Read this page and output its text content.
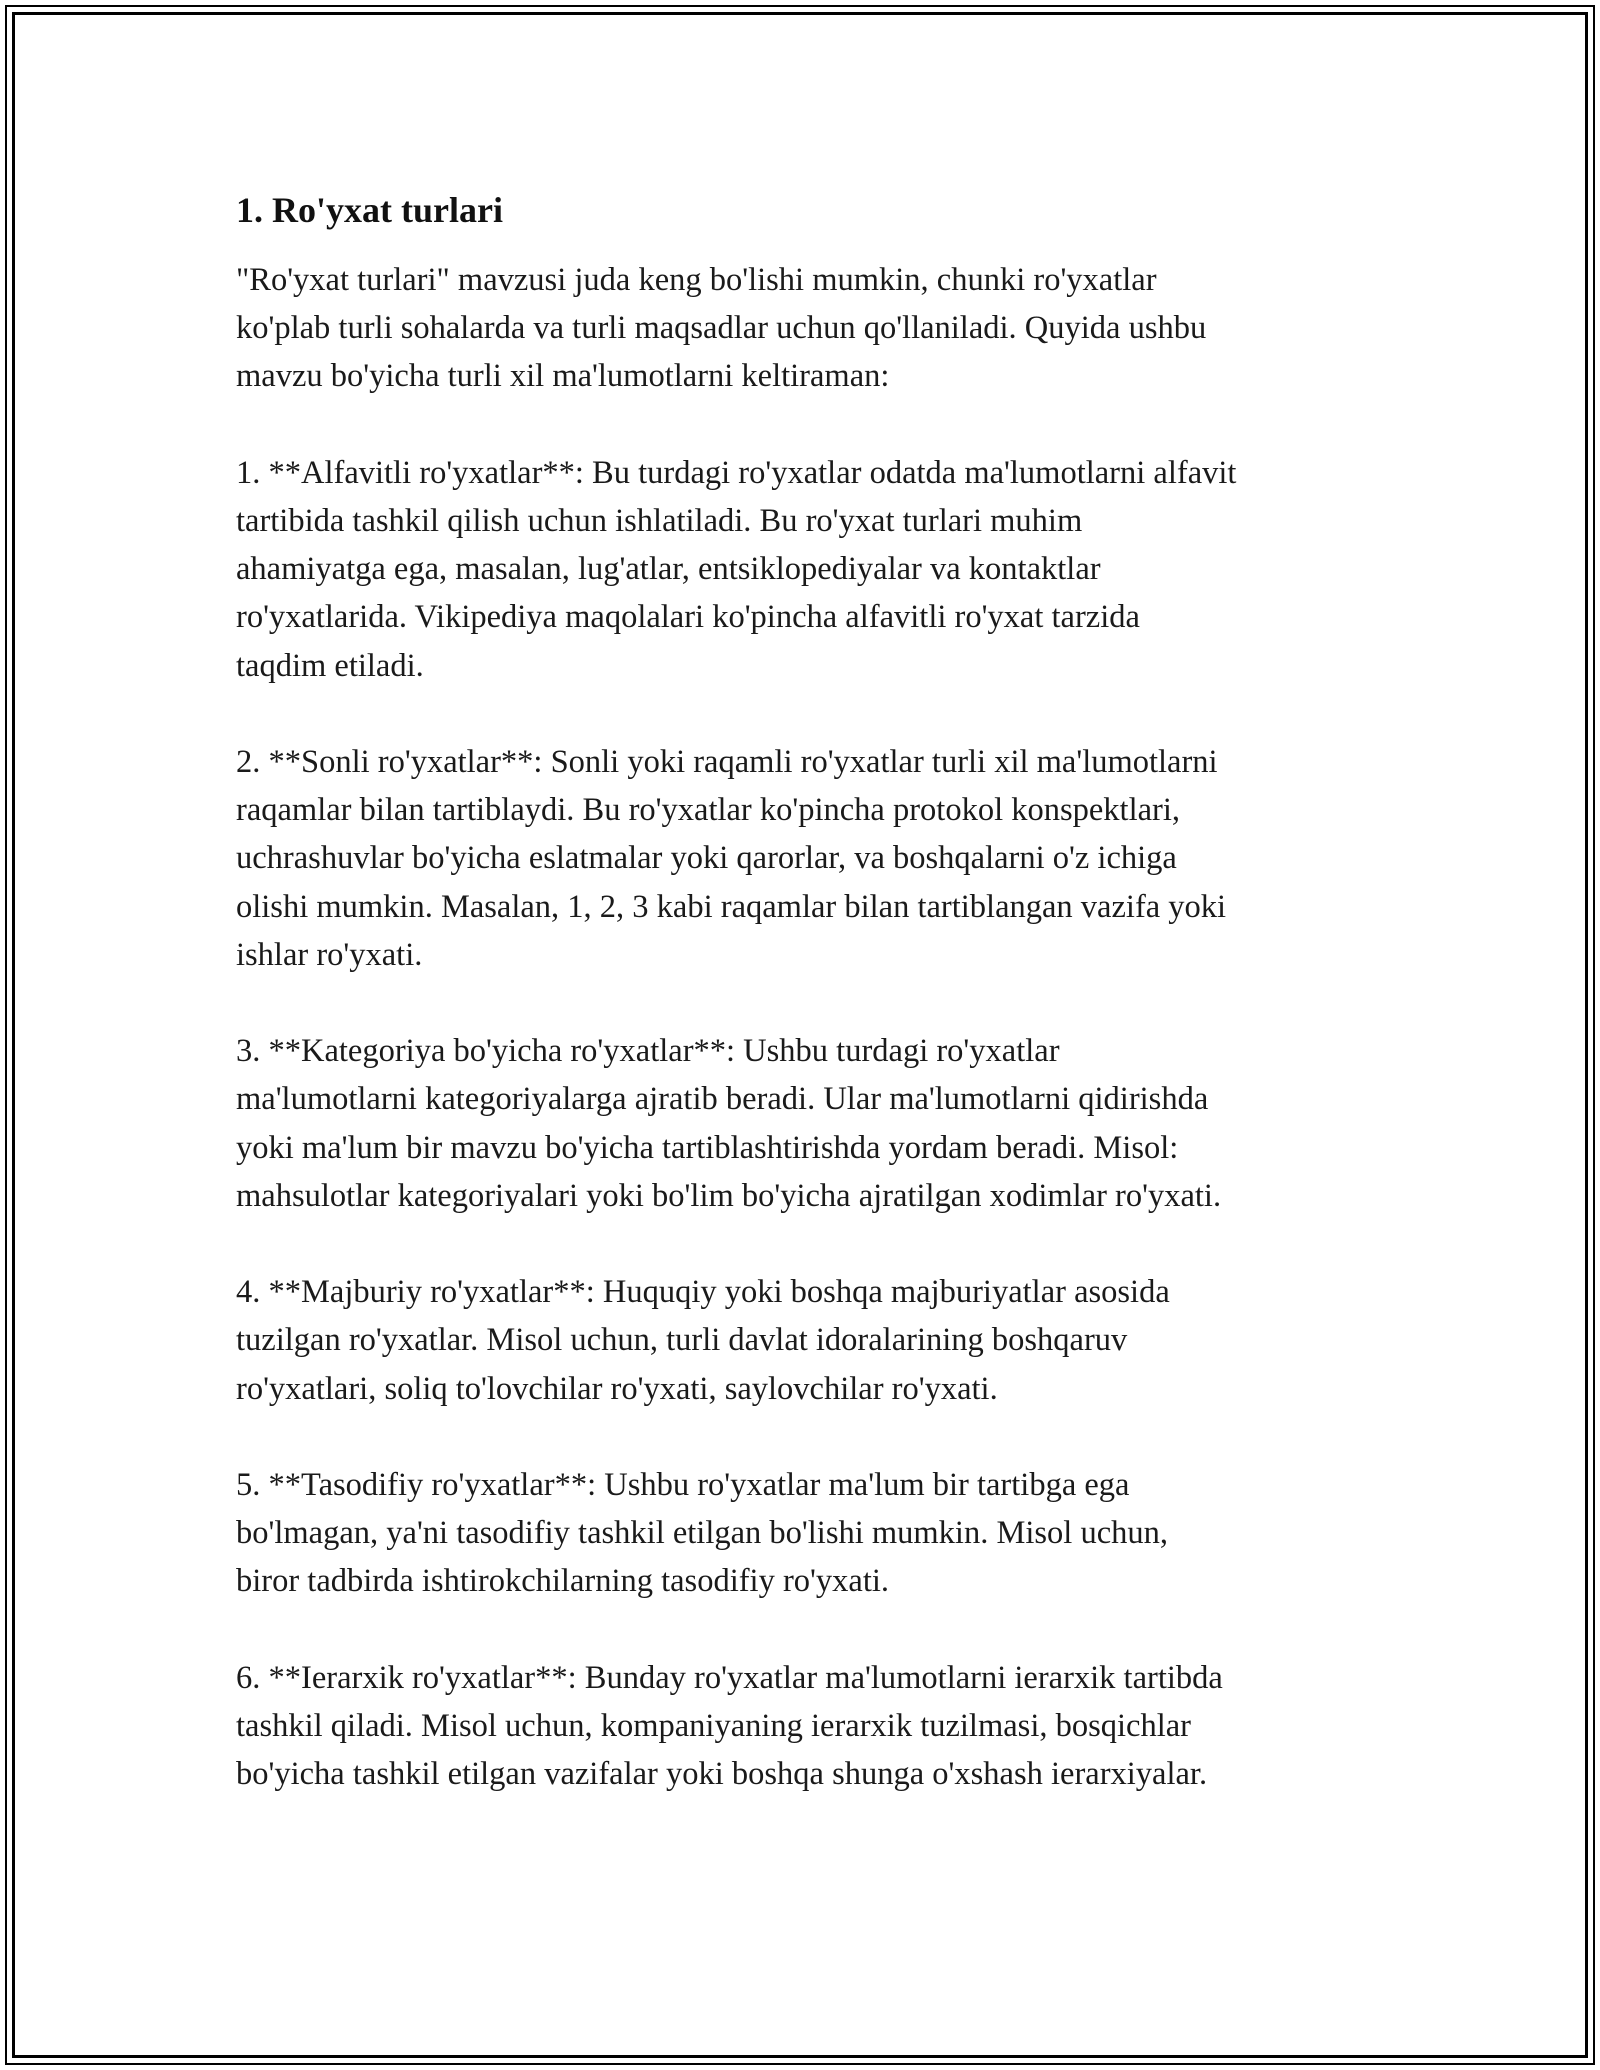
1. Ro'yxat turlari

"Ro'yxat turlari" mavzusi juda keng bo'lishi mumkin, chunki ro'yxatlar
ko'plab turli sohalarda va turli maqsadlar uchun qo'llaniladi. Quyida ushbu
mavzu bo'yicha turli xil ma'lumotlarni keltiraman:

1. **Alfavitli ro'yxatlar**: Bu turdagi ro'yxatlar odatda ma'lumotlarni alfavit
tartibida tashkil qilish uchun ishlatiladi. Bu ro'yxat turlari muhim
ahamiyatga ega, masalan, lug'atlar, entsiklopediyalar va kontaktlar
ro'yxatlarida. Vikipediya maqolalari ko'pincha alfavitli ro'yxat tarzida
taqdim etiladi.

2. **Sonli ro'yxatlar**: Sonli yoki raqamli ro'yxatlar turli xil ma'lumotlarni
raqamlar bilan tartiblaydi. Bu ro'yxatlar ko'pincha protokol konspektlari,
uchrashuvlar bo'yicha eslatmalar yoki qarorlar, va boshqalarni o'z ichiga
olishi mumkin. Masalan, 1, 2, 3 kabi raqamlar bilan tartiblangan vazifa yoki
ishlar ro'yxati.

3. **Kategoriya bo'yicha ro'yxatlar**: Ushbu turdagi ro'yxatlar
ma'lumotlarni kategoriyalarga ajratib beradi. Ular ma'lumotlarni qidirishda
yoki ma'lum bir mavzu bo'yicha tartiblashtirishda yordam beradi. Misol:
mahsulotlar kategoriyalari yoki bo'lim bo'yicha ajratilgan xodimlar ro'yxati.

4. **Majburiy ro'yxatlar**: Huquqiy yoki boshqa majburiyatlar asosida
tuzilgan ro'yxatlar. Misol uchun, turli davlat idoralarining boshqaruv
ro'yxatlari, soliq to'lovchilar ro'yxati, saylovchilar ro'yxati.

5. **Tasodifiy ro'yxatlar**: Ushbu ro'yxatlar ma'lum bir tartibga ega
bo'lmagan, ya'ni tasodifiy tashkil etilgan bo'lishi mumkin. Misol uchun,
biror tadbirda ishtirokchilarning tasodifiy ro'yxati.

6. **Ierarxik ro'yxatlar**: Bunday ro'yxatlar ma'lumotlarni ierarxik tartibda
tashkil qiladi. Misol uchun, kompaniyaning ierarxik tuzilmasi, bosqichlar
bo'yicha tashkil etilgan vazifalar yoki boshqa shunga o'xshash ierarxiyalar.
